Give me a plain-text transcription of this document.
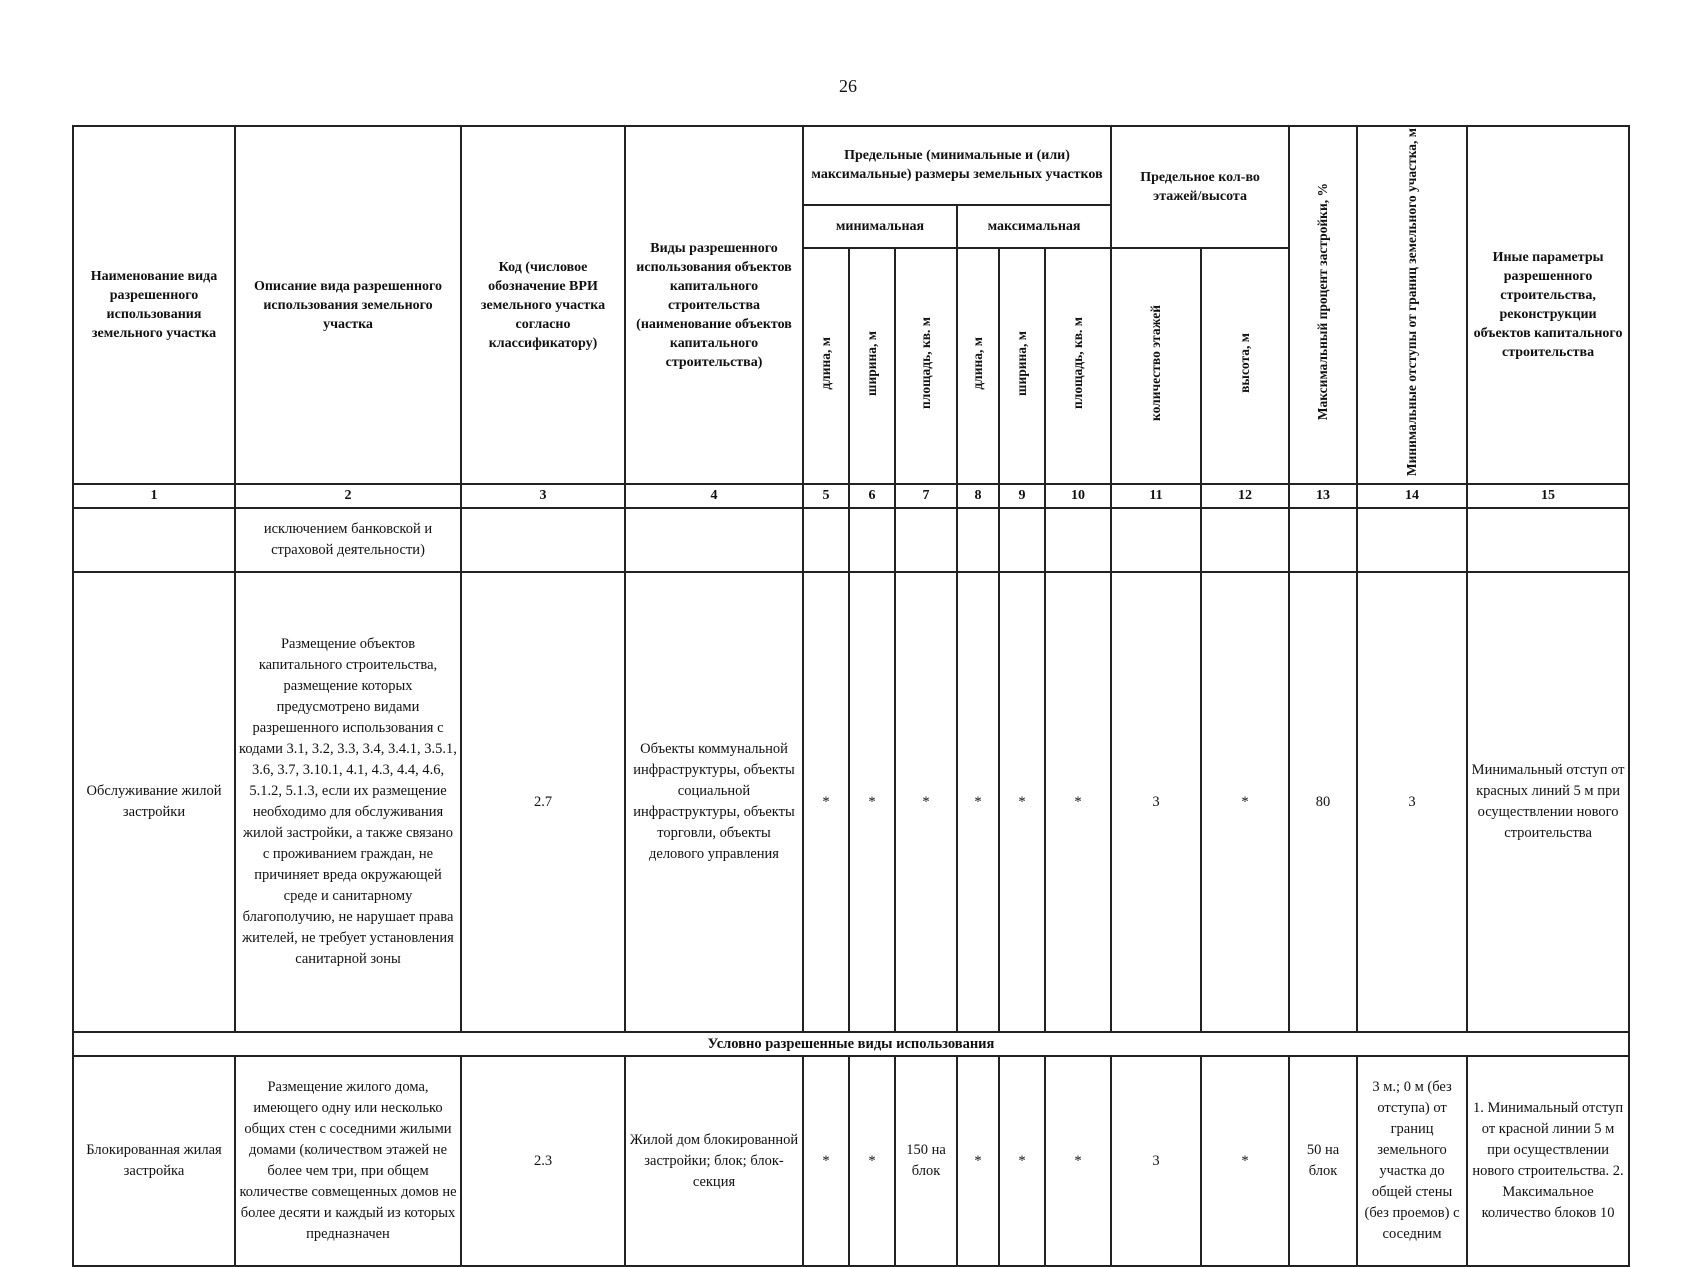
26
Наименование вида разрешенного использования земельного участка	Описание вида разрешенного использования земельного участка	Код (числовое обозначение ВРИ земельного участка согласно классификатору)	Виды разрешенного использования объектов капитального строительства (наименование объектов капитального строительства)	Предельные (минимальные и (или) максимальные) размеры земельных участков						Предельное кол-во этажей/высота		Максимальный процент застройки, %	Минимальные отступы от границ земельного участка, м	Иные параметры разрешенного строительства, реконструкции объектов капитального строительства
				минимальная			максимальная							
				длина, м	ширина, м	площадь, кв. м	длина, м	ширина, м	площадь, кв. м	количество этажей	высота, м			
1	2	3	4	5	6	7	8	9	10	11	12	13	14	15
	исключением банковской и страховой деятельности)													
Обслуживание жилой застройки	Размещение объектов капитального строительства, размещение которых предусмотрено видами разрешенного использования с кодами 3.1, 3.2, 3.3, 3.4, 3.4.1, 3.5.1, 3.6, 3.7, 3.10.1, 4.1, 4.3, 4.4, 4.6, 5.1.2, 5.1.3, если их размещение необходимо для обслуживания жилой застройки, а также связано с проживанием граждан, не причиняет вреда окружающей среде и санитарному благополучию, не нарушает права жителей, не требует установления санитарной зоны	2.7	Объекты коммунальной инфраструктуры, объекты социальной инфраструктуры, объекты торговли, объекты делового управления	*	*	*	*	*	*	3	*	80	3	Минимальный отступ от красных линий 5 м при осуществлении нового строительства
Условно разрешенные виды использования														
Блокированная жилая застройка	Размещение жилого дома, имеющего одну или несколько общих стен с соседними жилыми домами (количеством этажей не более чем три, при общем количестве совмещенных домов не более десяти и каждый из которых предназначен	2.3	Жилой дом блокированной застройки; блок; блок-секция	*	*	150 на блок	*	*	*	3	*	50 на блок	3 м.; 0 м (без отступа) от границ земельного участка до общей стены (без проемов) с соседним	1. Минимальный отступ от красной линии 5 м при осуществлении нового строительства. 2. Максимальное количество блоков 10
